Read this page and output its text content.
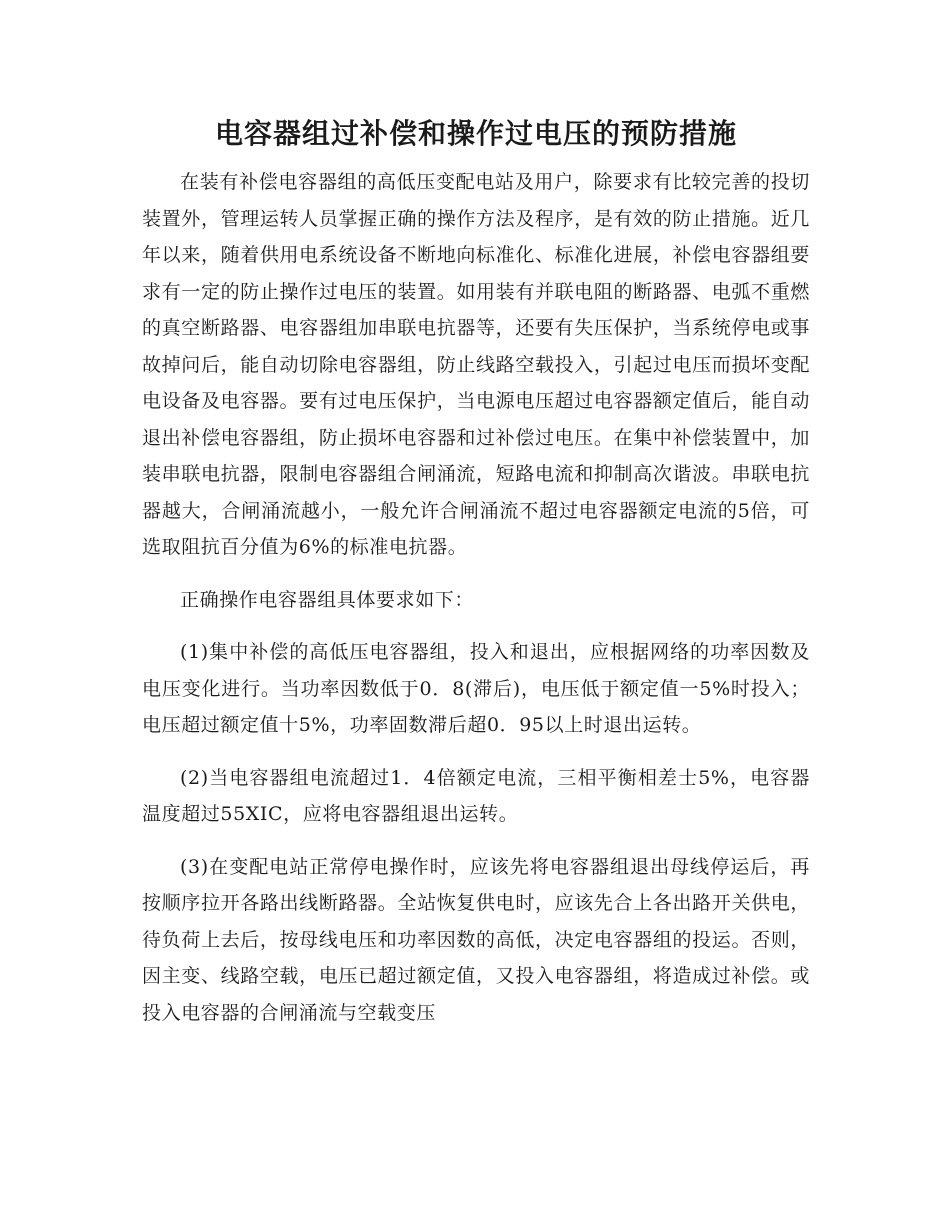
电容器组过补偿和操作过电压的预防措施

在装有补偿电容器组的高低压变配电站及用户，除要求有比较完善的投切装置外，管理运转人员掌握正确的操作方法及程序，是有效的防止措施。近几年以来，随着供用电系统设备不断地向标准化、标准化进展，补偿电容器组要求有一定的防止操作过电压的装置。如用装有并联电阻的断路器、电弧不重燃的真空断路器、电容器组加串联电抗器等，还要有失压保护，当系统停电或事故掉问后，能自动切除电容器组，防止线路空载投入，引起过电压而损坏变配电设备及电容器。要有过电压保护，当电源电压超过电容器额定值后，能自动退出补偿电容器组，防止损坏电容器和过补偿过电压。在集中补偿装置中，加装串联电抗器，限制电容器组合闸涌流，短路电流和抑制高次谐波。串联电抗器越大，合闸涌流越小，一般允许合闸涌流不超过电容器额定电流的5倍，可选取阻抗百分值为6%的标准电抗器。

正确操作电容器组具体要求如下：

(1)集中补偿的高低压电容器组，投入和退出，应根据网络的功率因数及电压变化进行。当功率因数低于0．8(滞后)，电压低于额定值一5%时投入；电压超过额定值十5%，功率固数滞后超0．95以上时退出运转。

(2)当电容器组电流超过1．4倍额定电流，三相平衡相差士5%，电容器温度超过55XIC，应将电容器组退出运转。

(3)在变配电站正常停电操作时，应该先将电容器组退出母线停运后，再按顺序拉开各路出线断路器。全站恢复供电时，应该先合上各出路开关供电，待负荷上去后，按母线电压和功率因数的高低，决定电容器组的投运。否则，因主变、线路空载，电压已超过额定值，又投入电容器组，将造成过补偿。或投入电容器的合闸涌流与空载变压
